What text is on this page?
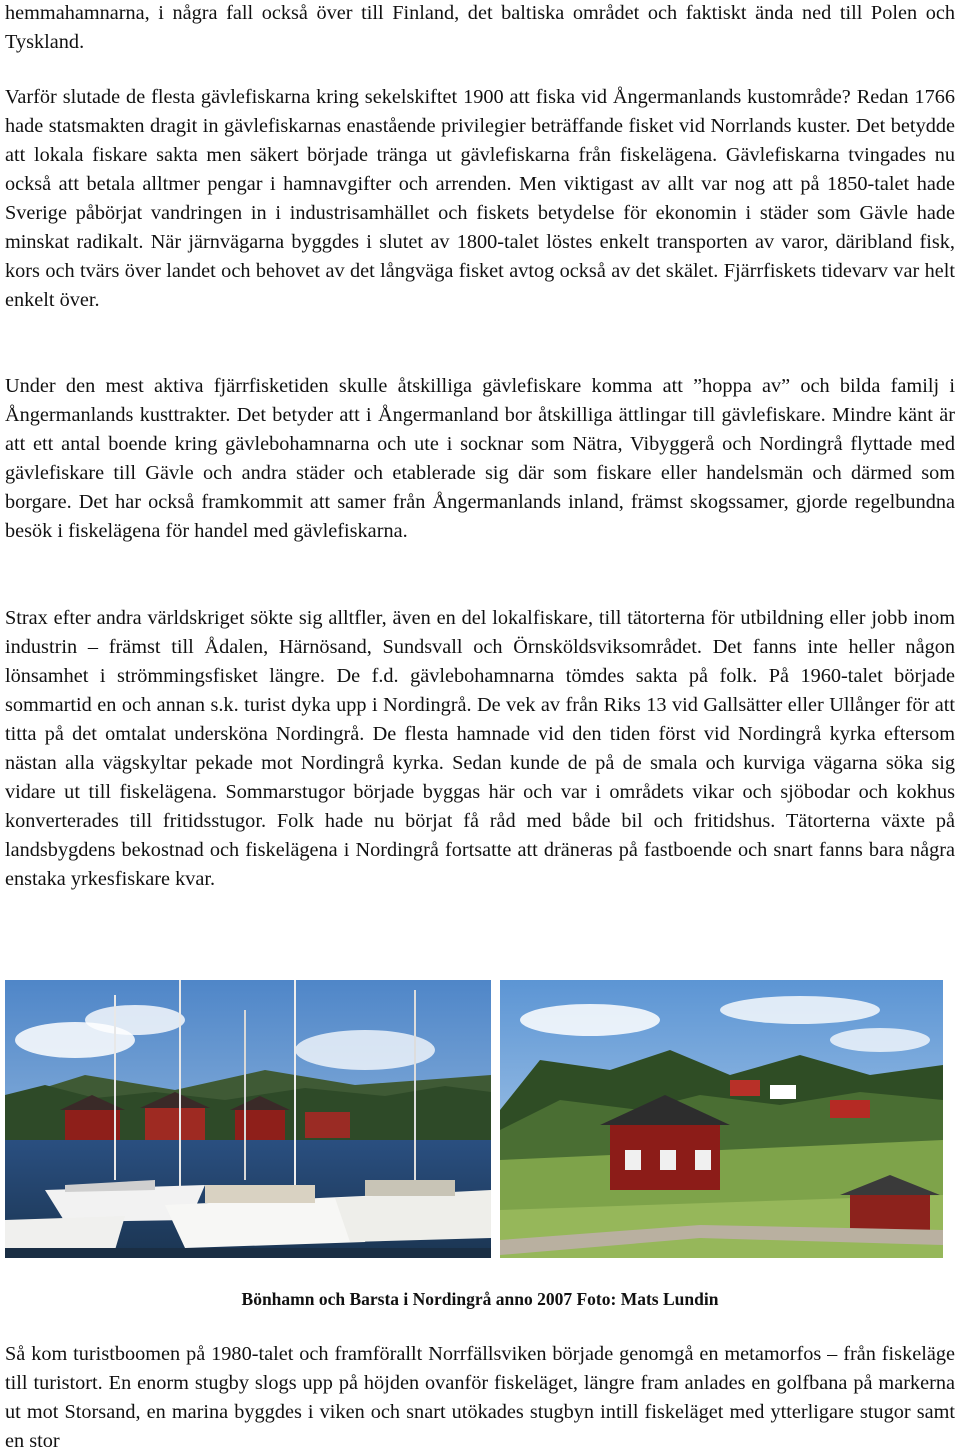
hemmahamnarna, i några fall också över till Finland, det baltiska området och faktiskt ända ned till Polen och Tyskland.

Varför slutade de flesta gävlefiskarna kring sekelskiftet 1900 att fiska vid Ångermanlands kustområde? Redan 1766 hade statsmakten dragit in gävlefiskarnas enastående privilegier beträffande fisket vid Norrlands kuster. Det betydde att lokala fiskare sakta men säkert började tränga ut gävlefiskarna från fiskelägena. Gävlefiskarna tvingades nu också att betala alltmer pengar i hamnavgifter och arrenden. Men viktigast av allt var nog att på 1850-talet hade Sverige påbörjat vandringen in i industrisamhället och fiskets betydelse för ekonomin i städer som Gävle hade minskat radikalt. När järnvägarna byggdes i slutet av 1800-talet löstes enkelt transporten av varor, däribland fisk, kors och tvärs över landet och behovet av det långväga fisket avtog också av det skälet. Fjärrfiskets tidevarv var helt enkelt över.

Under den mest aktiva fjärrfisketiden skulle åtskilliga gävlefiskare komma att ”hoppa av” och bilda familj i Ångermanlands kusttrakter. Det betyder att i Ångermanland bor åtskilliga ättlingar till gävlefiskare. Mindre känt är att ett antal boende kring gävlebohamnarna och ute i socknar som Nätra, Vibyggerå och Nordingrå flyttade med gävlefiskare till Gävle och andra städer och etablerade sig där som fiskare eller handelsmän och därmed som borgare. Det har också framkommit att samer från Ångermanlands inland, främst skogssamer, gjorde regelbundna besök i fiskelägena för handel med gävlefiskarna.

Strax efter andra världskriget sökte sig alltfler, även en del lokalfiskare, till tätorterna för utbildning eller jobb inom industrin – främst till Ådalen, Härnösand, Sundsvall och Örnsköldsviksområdet. Det fanns inte heller någon lönsamhet i strömmingsfisket längre. De f.d. gävlebohamnarna tömdes sakta på folk. På 1960-talet började sommartid en och annan s.k. turist dyka upp i Nordingrå. De vek av från Riks 13 vid Gallsätter eller Ullånger för att titta på det omtalat undersköna Nordingrå. De flesta hamnade vid den tiden först vid Nordingrå kyrka eftersom nästan alla vägskyltar pekade mot Nordingrå kyrka. Sedan kunde de på de smala och kurviga vägarna söka sig vidare ut till fiskelägena. Sommarstugor började byggas här och var i områdets vikar och sjöbodar och kokhus konverterades till fritidsstugor. Folk hade nu börjat få råd med både bil och fritidshus. Tätorterna växte på landsbygdens bekostnad och fiskelägena i Nordingrå fortsatte att dräneras på fastboende och snart fanns bara några enstaka yrkesfiskare kvar.

Bönhamn och Barsta i Nordingrå anno 2007 Foto: Mats Lundin

Så kom turistboomen på 1980-talet och framförallt Norrfällsviken började genomgå en metamorfos – från fiskeläge till turistort. En enorm stugby slogs upp på höjden ovanför fiskeläget, längre fram anlades en golfbana på markerna ut mot Storsand, en marina byggdes i viken och snart utökades stugbyn intill fiskeläget med ytterligare stugor samt en stor
